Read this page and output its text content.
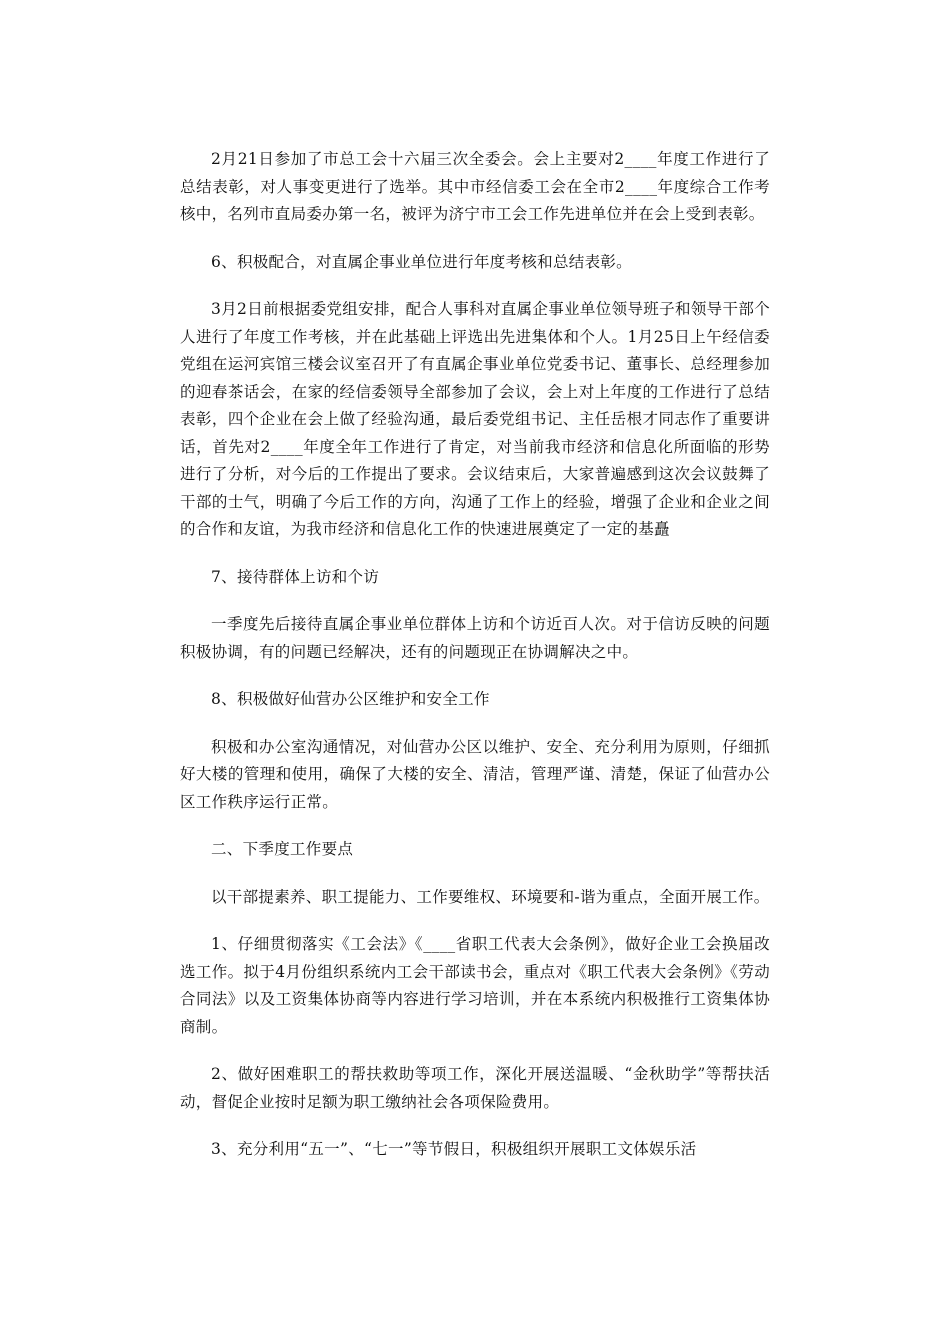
2月21日参加了市总工会十六届三次全委会。会上主要对2____年度工作进行了总结表彰，对人事变更进行了选举。其中市经信委工会在全市2____年度综合工作考核中，名列市直局委办第一名，被评为济宁市工会工作先进单位并在会上受到表彰。

6、积极配合，对直属企事业单位进行年度考核和总结表彰。

3月2日前根据委党组安排，配合人事科对直属企事业单位领导班子和领导干部个人进行了年度工作考核，并在此基础上评选出先进集体和个人。1月25日上午经信委党组在运河宾馆三楼会议室召开了有直属企事业单位党委书记、董事长、总经理参加的迎春茶话会，在家的经信委领导全部参加了会议，会上对上年度的工作进行了总结表彰，四个企业在会上做了经验沟通，最后委党组书记、主任岳根才同志作了重要讲话，首先对2____年度全年工作进行了肯定，对当前我市经济和信息化所面临的形势进行了分析，对今后的工作提出了要求。会议结束后，大家普遍感到这次会议鼓舞了干部的士气，明确了今后工作的方向，沟通了工作上的经验，增强了企业和企业之间的合作和友谊，为我市经济和信息化工作的快速进展奠定了一定的基矗

7、接待群体上访和个访

一季度先后接待直属企事业单位群体上访和个访近百人次。对于信访反映的问题积极协调，有的问题已经解决，还有的问题现正在协调解决之中。

8、积极做好仙营办公区维护和安全工作

积极和办公室沟通情况，对仙营办公区以维护、安全、充分利用为原则，仔细抓好大楼的管理和使用，确保了大楼的安全、清洁，管理严谨、清楚，保证了仙营办公区工作秩序运行正常。

二、下季度工作要点

以干部提素养、职工提能力、工作要维权、环境要和-谐为重点，全面开展工作。

1、仔细贯彻落实《工会法》《____省职工代表大会条例》，做好企业工会换届改选工作。拟于4月份组织系统内工会干部读书会，重点对《职工代表大会条例》《劳动合同法》以及工资集体协商等内容进行学习培训，并在本系统内积极推行工资集体协商制。

2、做好困难职工的帮扶救助等项工作，深化开展送温暖、“金秋助学”等帮扶活动，督促企业按时足额为职工缴纳社会各项保险费用。

3、充分利用“五一”、“七一”等节假日，积极组织开展职工文体娱乐活
